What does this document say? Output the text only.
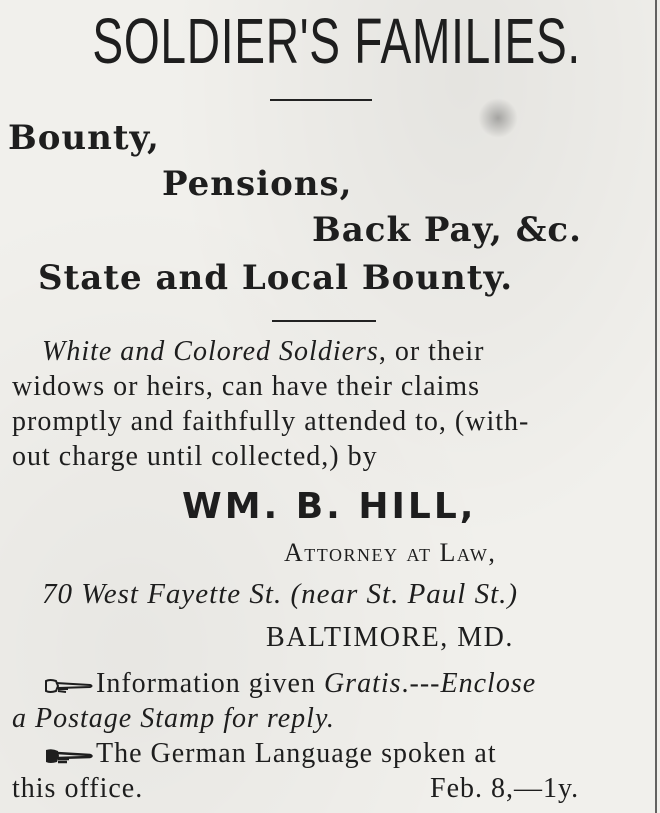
SOLDIER'S FAMILIES.
Bounty,
Pensions,
Back Pay, &c.
State and Local Bounty.
White and Colored Soldiers, or their
widows or heirs, can have their claims
promptly and faithfully attended to, (with-
out charge until collected,) by
WM. B. HILL,
Attorney at Law,
70 West Fayette St. (near St. Paul St.)
BALTIMORE, MD.
Information given Gratis.---Enclose
a Postage Stamp for reply.
The German Language spoken at
this office.	Feb. 8,—1y.
